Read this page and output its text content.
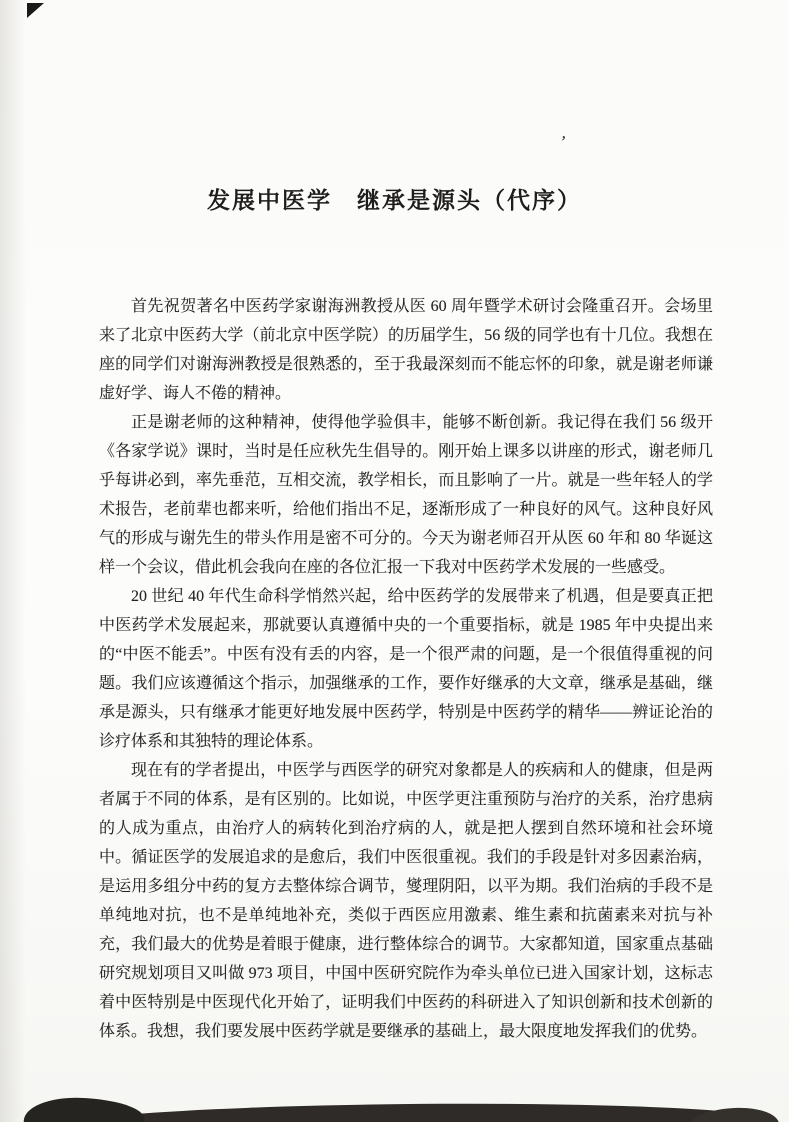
’
发展中医学　继承是源头（代序）

首先祝贺著名中医药学家谢海洲教授从医 60 周年暨学术研讨会隆重召开。会场里来了北京中医药大学（前北京中医学院）的历届学生，56 级的同学也有十几位。我想在座的同学们对谢海洲教授是很熟悉的，至于我最深刻而不能忘怀的印象，就是谢老师谦虚好学、诲人不倦的精神。

正是谢老师的这种精神，使得他学验俱丰，能够不断创新。我记得在我们 56 级开《各家学说》课时，当时是任应秋先生倡导的。刚开始上课多以讲座的形式，谢老师几乎每讲必到，率先垂范，互相交流，教学相长，而且影响了一片。就是一些年轻人的学术报告，老前辈也都来听，给他们指出不足，逐渐形成了一种良好的风气。这种良好风气的形成与谢先生的带头作用是密不可分的。今天为谢老师召开从医 60 年和 80 华诞这样一个会议，借此机会我向在座的各位汇报一下我对中医药学术发展的一些感受。

20 世纪 40 年代生命科学悄然兴起，给中医药学的发展带来了机遇，但是要真正把中医药学术发展起来，那就要认真遵循中央的一个重要指标，就是 1985 年中央提出来的“中医不能丢”。中医有没有丢的内容，是一个很严肃的问题，是一个很值得重视的问题。我们应该遵循这个指示，加强继承的工作，要作好继承的大文章，继承是基础，继承是源头，只有继承才能更好地发展中医药学，特别是中医药学的精华——辨证论治的诊疗体系和其独特的理论体系。

现在有的学者提出，中医学与西医学的研究对象都是人的疾病和人的健康，但是两者属于不同的体系，是有区别的。比如说，中医学更注重预防与治疗的关系，治疗患病的人成为重点，由治疗人的病转化到治疗病的人，就是把人摆到自然环境和社会环境中。循证医学的发展追求的是愈后，我们中医很重视。我们的手段是针对多因素治病，是运用多组分中药的复方去整体综合调节，燮理阴阳，以平为期。我们治病的手段不是单纯地对抗，也不是单纯地补充，类似于西医应用激素、维生素和抗菌素来对抗与补充，我们最大的优势是着眼于健康，进行整体综合的调节。大家都知道，国家重点基础研究规划项目又叫做 973 项目，中国中医研究院作为牵头单位已进入国家计划，这标志着中医特别是中医现代化开始了，证明我们中医药的科研进入了知识创新和技术创新的体系。我想，我们要发展中医药学就是要继承的基础上，最大限度地发挥我们的优势。
